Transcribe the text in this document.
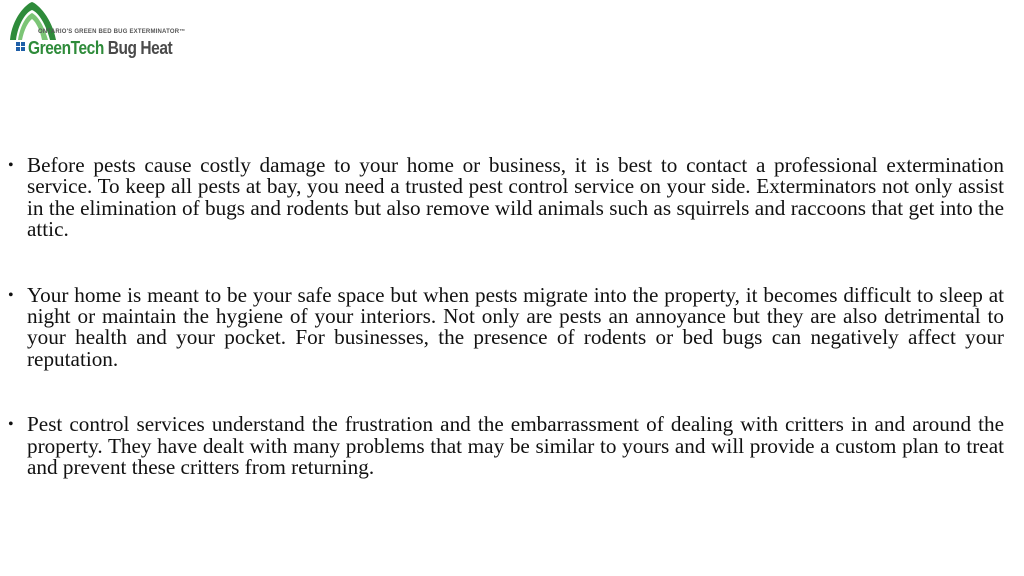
ONTARIO'S GREEN BED BUG EXTERMINATOR™
GreenTech Bug Heat
• Before pests cause costly damage to your home or business, it is best to contact a professional extermination service. To keep all pests at bay, you need a trusted pest control service on your side. Exterminators not only assist in the elimination of bugs and rodents but also remove wild animals such as squirrels and raccoons that get into the attic.
• Your home is meant to be your safe space but when pests migrate into the property, it becomes difficult to sleep at night or maintain the hygiene of your interiors. Not only are pests an annoyance but they are also detrimental to your health and your pocket. For businesses, the presence of rodents or bed bugs can negatively affect your reputation.
• Pest control services understand the frustration and the embarrassment of dealing with critters in and around the property. They have dealt with many problems that may be similar to yours and will provide a custom plan to treat and prevent these critters from returning.
